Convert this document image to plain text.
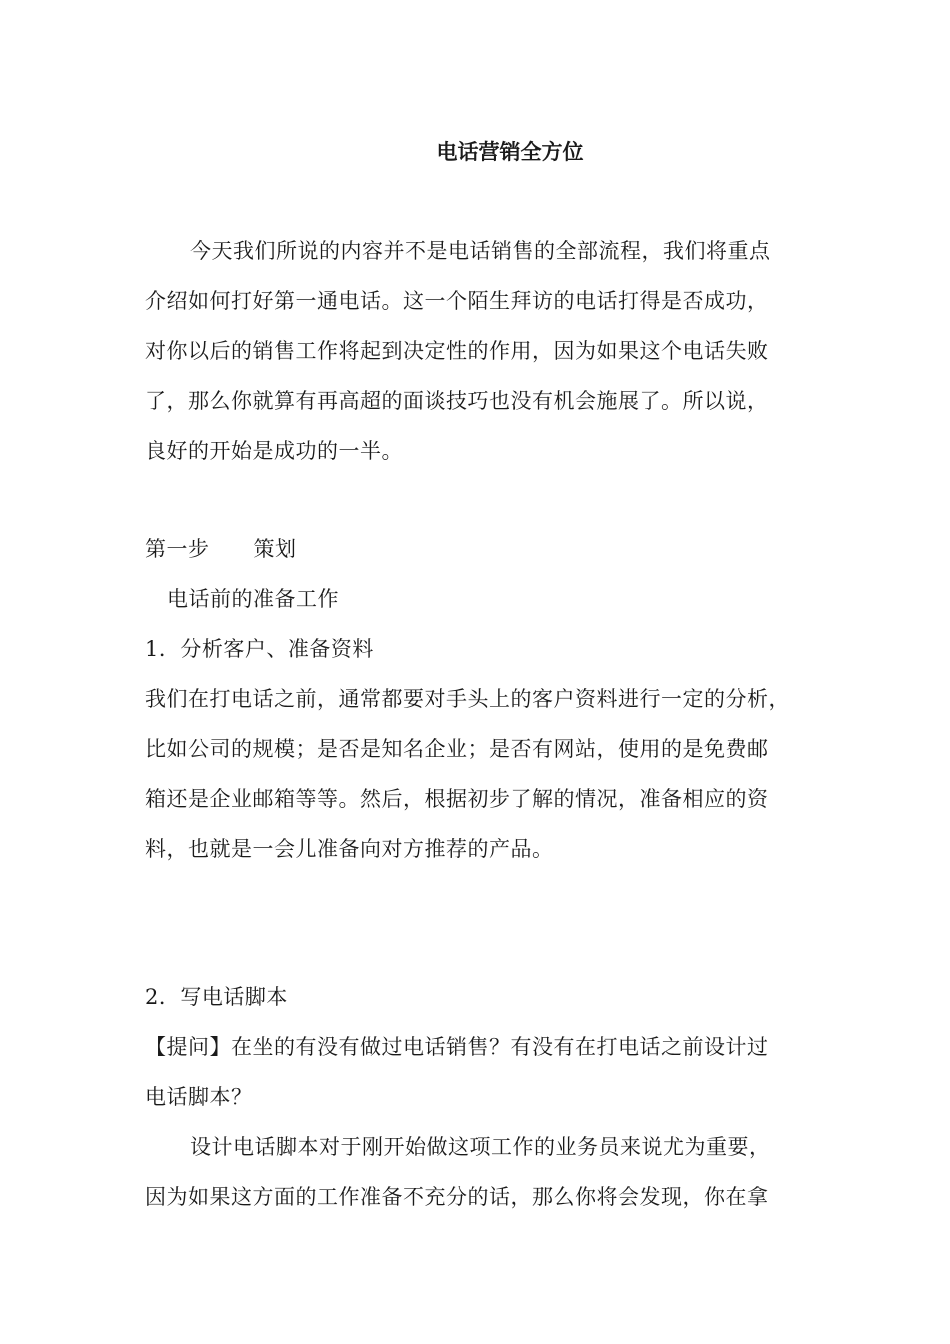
电话营销全方位
今天我们所说的内容并不是电话销售的全部流程，我们将重点
介绍如何打好第一通电话。这一个陌生拜访的电话打得是否成功，
对你以后的销售工作将起到决定性的作用，因为如果这个电话失败
了，那么你就算有再高超的面谈技巧也没有机会施展了。所以说，
良好的开始是成功的一半。
第一步 策划
电话前的准备工作
1．分析客户、准备资料
我们在打电话之前，通常都要对手头上的客户资料进行一定的分析，
比如公司的规模；是否是知名企业；是否有网站，使用的是免费邮
箱还是企业邮箱等等。然后，根据初步了解的情况，准备相应的资
料，也就是一会儿准备向对方推荐的产品。
2．写电话脚本
【提问】在坐的有没有做过电话销售？有没有在打电话之前设计过
电话脚本？
设计电话脚本对于刚开始做这项工作的业务员来说尤为重要，
因为如果这方面的工作准备不充分的话，那么你将会发现，你在拿
